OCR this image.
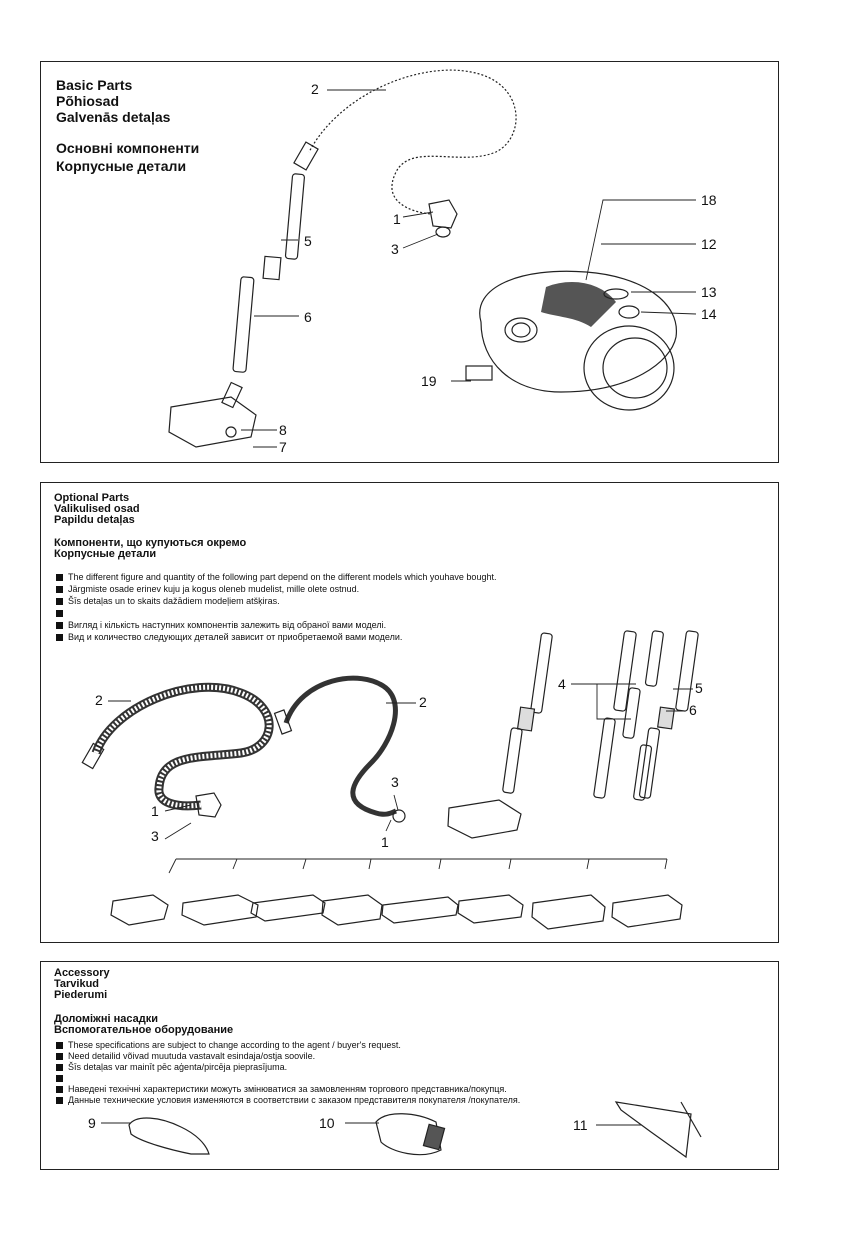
Basic Parts
Põhiosad
Galvenās detaļas
Основнi компоненти
Корпусные детали
2
1
3
5
6
8
7
18
12
13
14
19
Optional Parts
Valikulised osad
Papildu detaļas
Компоненти, що купуються окремо
Корпусные детали
The different figure and quantity of the following part depend on the different models which youhave bought.
Järgmiste osade erinev kuju ja kogus oleneb mudelist, mille olete ostnud.
Šīs detaļas un to skaits dažādiem modeļiem atšķiras.
Вигляд і кількість наступних компонентів залежить від обраної вами моделі.
Вид и количество следующих деталей зависит от приобретаемой вами модели.
2
1
3
2
3
1
4	5
6
Accessory
Tarvikud
Piederumi
Доломiжнi насадки
Вспомогательное оборудование
These specifications are subject to change according to the agent / buyer's request.
Need detailid võivad muutuda vastavalt esindaja/ostja soovile.
Šīs detaļas var mainīt pēc aģenta/pircēja pieprasījuma.
Наведені технічні характеристики можуть змінюватися за замовленням торгового представника/покупця.
Данные технические условия изменяются в соответствии с заказом представителя покупателя /покупателя.
9	10	11
